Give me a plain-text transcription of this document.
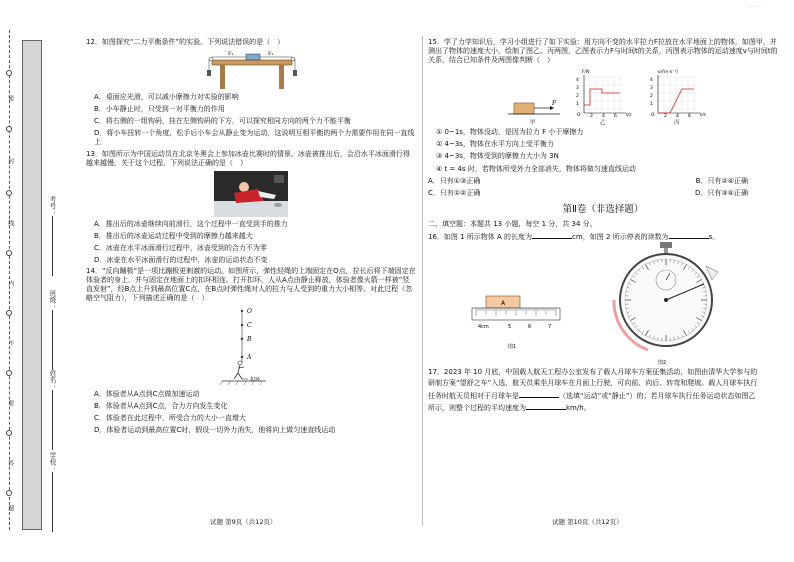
· · · · ·
密
封
线
内
不
要
答
题
考号：
班级：
姓名：
学校：

12．如图探究“二力平衡条件”的实验。下列说法错误的是（　）

F₁	F₂

A．桌面应光滑，可以减小摩擦力对实验的影响

B．小车静止时，只受到一对平衡力的作用

C．将右侧的一组钩码，挂在左侧钩码的下方，可以探究相同方向的两个力不能平衡

D．将小车扭转一个角度，松手后小车会从静止变为运动，这说明互相平衡的两个力需要作用在同一直线上

13．如图所示为中国运动员在北京冬奥会上参加冰壶比赛时的情景。冰壶被推出后，会沿水平冰面滑行得越来越慢，关于这个过程，下列说法正确的是（　）

A．推出后的冰壶继续向前滑行，这个过程中一直受到手的推力

B．推出后的冰壶运动过程中受到的摩擦力越来越大

C．冰壶在水平冰面滑行过程中，冰壶受到的合力不为零

D．冰壶在水平冰面滑行的过程中，冰壶的运动状态不变

14．“反向蹦极”是一项比蹦极更刺激的运动。如图所示，弹性轻绳的上端固定在O点，拉长后将下端固定在体验者的身上，并与固定在地面上的扣环相连。打开扣环，人从A点由静止释放，体验者像火箭一样被“竖直发射”，经B点上升到最高位置C点，在B点时弹性绳对人的拉力与人受到的重力大小相等。对此过程（忽略空气阻力），下列描述正确的是（　）

O
C
B
A
扣环

A．体验者从A点到C点做加速运动

B．体验者从A点到C点，合力方向发生变化

C．体验者在此过程中，所受合力的大小一直增大

D．体验者运动到最高位置C时，假设一切外力消失，他将向上做匀速直线运动

试题 第9页（共12页）

15．学了力学知识后，学习小组进行了如下实验：用方向不变的水平拉力F拉放在水平地面上的物体，如图甲，并测出了物体的速度大小，绘制了图乙、丙两图，乙图表示力F与时间t的关系，丙图表示物体的运动速度v与时间t的关系，结合已知条件及两图像判断（　）

F
甲
F/N
t/s
O
4
3
2
1
2 4 6
乙
v/(m·s⁻¹)
t/s
O
4
3
2
1
2 4 6
丙

① 0~1s，物体没动，是因为拉力 F 小于摩擦力

② 4~3s，物体在水平方向上受平衡力

③ 4~3s，物体受到的摩擦力大小为 3N

④ t = 4s 时，若物体所受外力全部消失，物体将做匀速直线运动

A．只有①③正确	B．只有②④正确
C．只有①②正确	D．只有③④正确
第Ⅱ卷（非选择题）

二、填空题：本题共 13 小题，每空 1 分，共 34 分。

16．如图 1 所示物体 A 的长度为	cm，如图 2 所示停表的读数为	s。

A
4cm	5	6	7
图1
图2

17．2023 年 10 月底，中国载人航天工程办公室发布了载人月球车方案征集活动，如图由清华大学参与的

研制方案“望舒之车”入选，航天员乘坐月球车在月面上行驶，可向前、向后、转弯和爬坡。载人月球车执行

任务时航天员相对于月球车是	（选填“运动”或“静止”）的；若月球车执行任务运动状态如图乙

所示，则整个过程的平均速度为	km/h。

试题 第10页（共12页）
